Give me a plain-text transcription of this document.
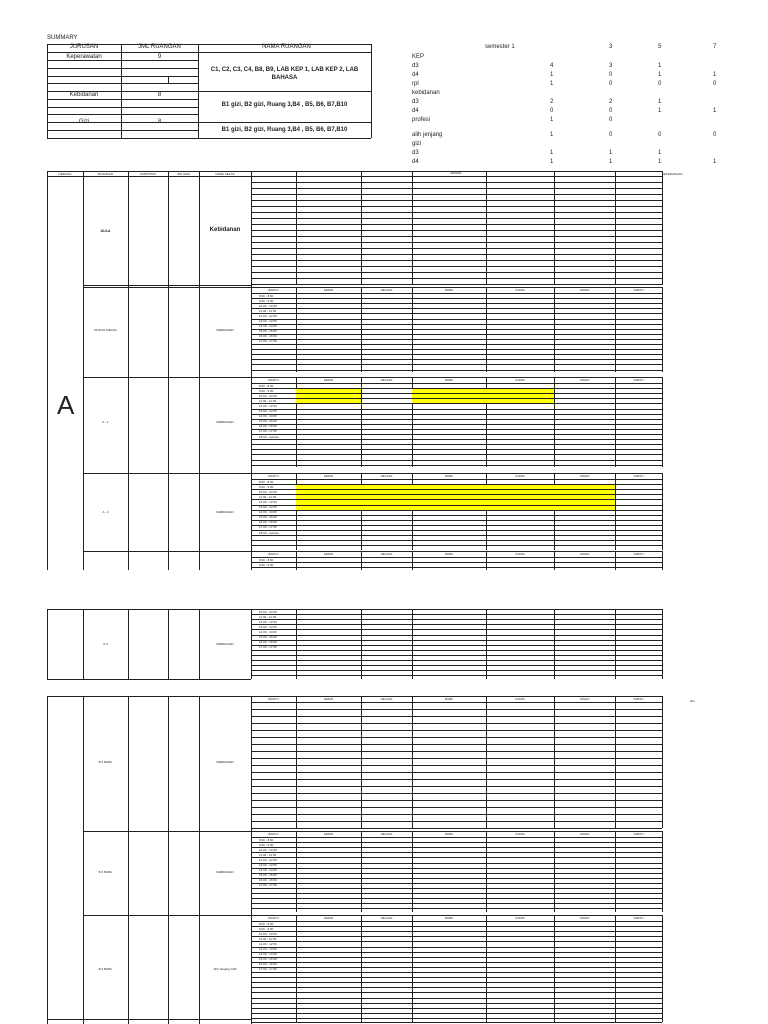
SUMMARY
JURUSAN	JML RUANGAN	NAMA RUANGAN
Keperawatan	9
C1, C2, C3, C4, B8, B9, LAB KEP 1, LAB KEP 2, LAB BAHASA
Kebidanan	8
B1 gizi, B2 gizi, Ruang 3,B4 , B5, B6, B7,B10
Gizi	8
B1 gizi, B2 gizi, Ruang 3,B4 , B5, B6, B7,B10
semester 1	3	5	7
GEDUNG	RUANGAN	KAPASITAS	JML MHS	NAMA KELAS	JADWAL	KETERANGAN
A
blm
KEP
d3	4	3	1
d4	1	0	1	1
rpl	1	0	0	0
kebidanan
d3	2	2	1
d4	0	0	1	1
profesi	1	0
alih jenjang	1	0	0	0
gizi
d3	1	1	1
d4	1	1	1	1
AULA	Kebidanan
WAKTU	SENIN	SELASA	RABU	KAMIS	JUMAT	SABTU
8.00 - 8.50
9.00 - 9.50
10.00 - 10.50
11.00 - 11.50
12.00 - 12.50
13.00 - 13.50
14.00 - 14.50
15.00 - 15.50
16.00 - 16.50
17.00 - 17.50
RUANG MAKAN	KEBIDANAN
WAKTU	SENIN	SELASA	RABU	KAMIS	JUMAT	SABTU
8.00 - 8.50
9.00 - 9.50
10.00 - 10.50
11.00 - 11.50
12.00 - 12.50
13.00 - 13.50
14.00 - 14.50
15.00 - 15.50
16.00 - 16.50
17.00 - 17.50
18.00 - selesai
A - 1	KEBIDANAN
WAKTU	SENIN	SELASA	RABU	KAMIS	JUMAT	SABTU
8.00 - 8.50
9.00 - 9.50
10.00 - 10.50
11.00 - 11.50
12.00 - 12.50
13.00 - 13.50
14.00 - 14.50
15.00 - 15.50
16.00 - 16.50
17.00 - 17.50
18.00 - selesai
A - 2	KEBIDANAN
WAKTU	SENIN	SELASA	RABU	KAMIS	JUMAT	SABTU
8.00 - 8.50
9.00 - 9.50
10.00 - 10.50
11.00 - 11.50
12.00 - 12.50
13.00 - 13.50
14.00 - 14.50
15.00 - 15.50
16.00 - 16.50
17.00 - 17.50
A-3	KEBIDANAN
WAKTU	SENIN	SELASA	RABU	KAMIS	JUMAT	SABTU
B 2 BARU	KEBIDANAN
WAKTU	SENIN	SELASA	RABU	KAMIS	JUMAT	SABTU
8.00 - 8.50
9.00 - 9.50
10.00 - 10.50
11.00 - 11.50
12.00 - 12.50
13.00 - 13.50
14.00 - 14.50
15.00 - 15.50
16.00 - 16.50
17.00 - 17.50
B 3 BARU	KEBIDANAN
WAKTU	SENIN	SELASA	RABU	KAMIS	JUMAT	SABTU
8.00 - 8.50
9.00 - 9.50
10.00 - 10.50
11.00 - 11.50
12.00 - 12.50
13.00 - 13.50
14.00 - 14.50
15.00 - 15.50
16.00 - 16.50
17.00 - 17.50
B 4 BARU	Alih Jenjang GIZI
